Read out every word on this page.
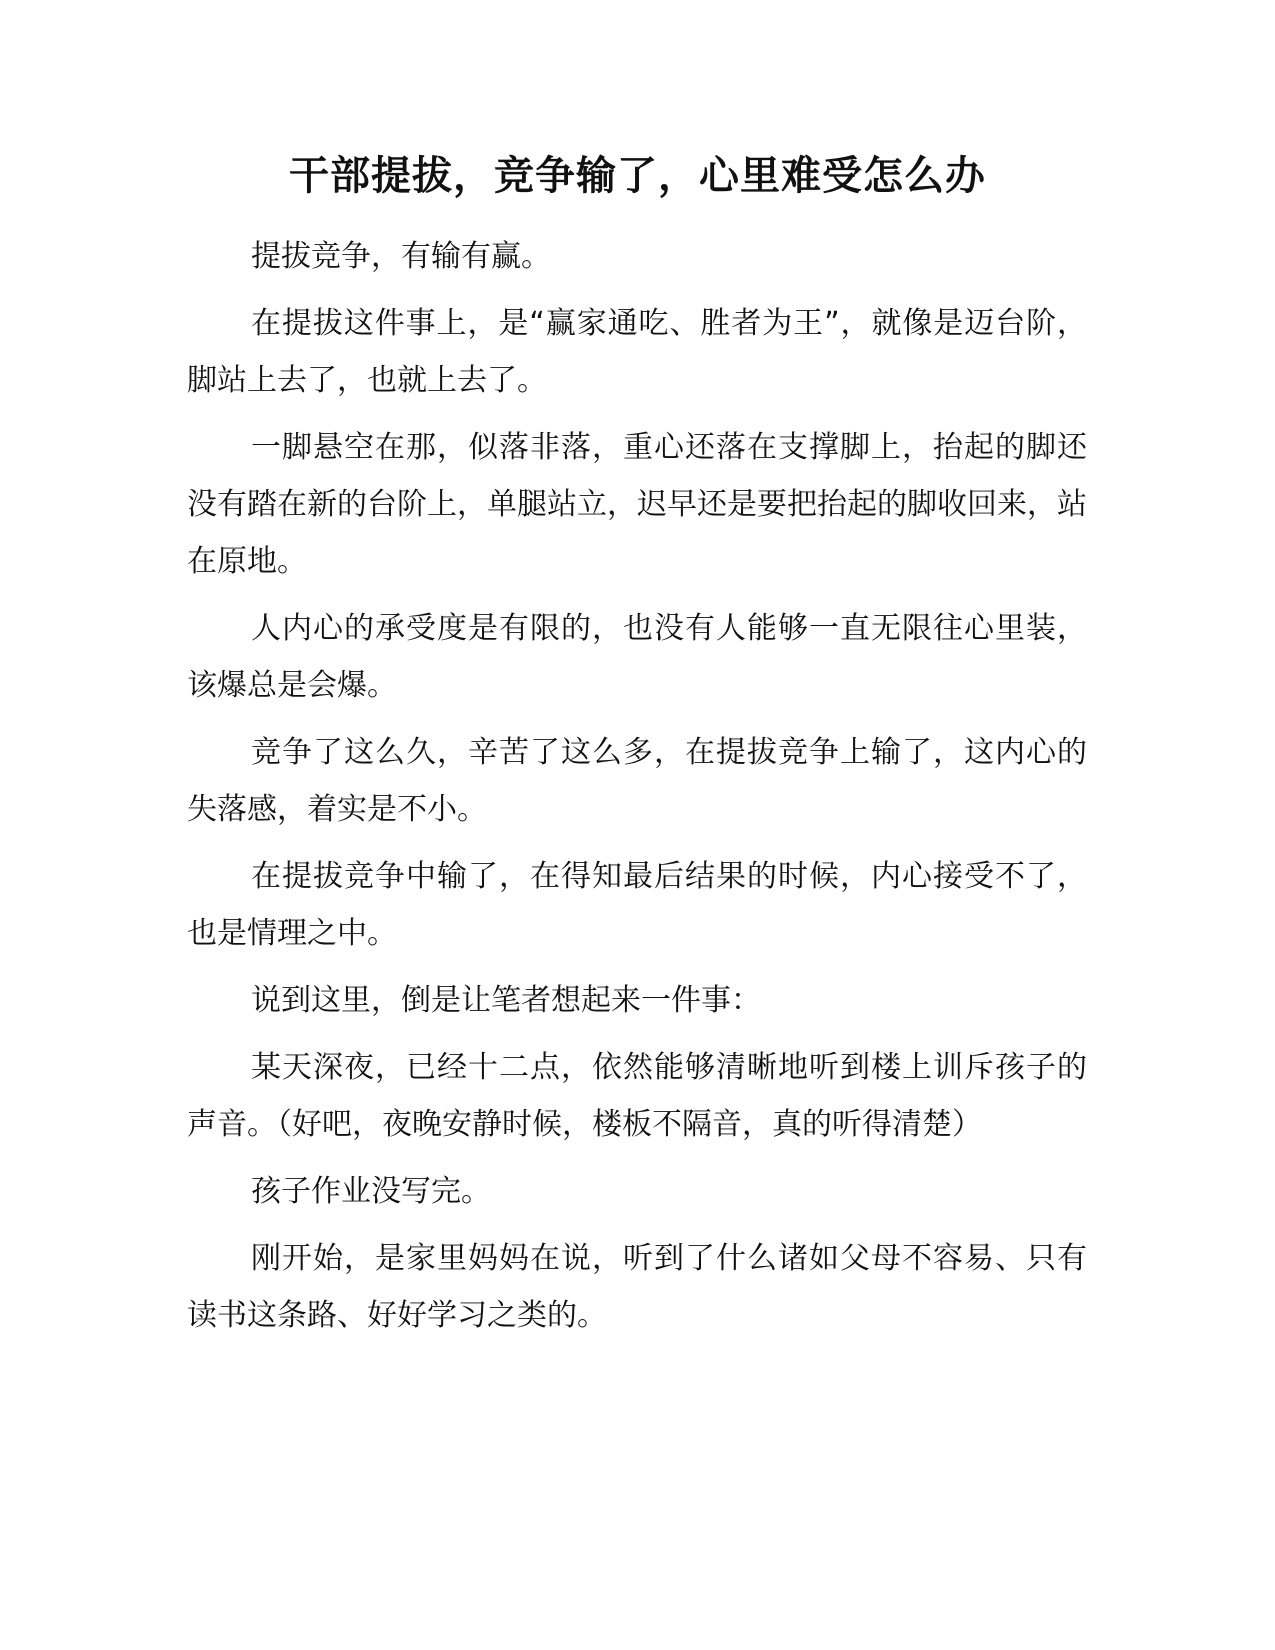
干部提拔，竞争输了，心里难受怎么办

提拔竞争，有输有赢。

在提拔这件事上，是“赢家通吃、胜者为王”，就像是迈台阶，脚站上去了，也就上去了。

一脚悬空在那，似落非落，重心还落在支撑脚上，抬起的脚还没有踏在新的台阶上，单腿站立，迟早还是要把抬起的脚收回来，站在原地。

人内心的承受度是有限的，也没有人能够一直无限往心里装，该爆总是会爆。

竞争了这么久，辛苦了这么多，在提拔竞争上输了，这内心的失落感，着实是不小。

在提拔竞争中输了，在得知最后结果的时候，内心接受不了，也是情理之中。

说到这里，倒是让笔者想起来一件事：

某天深夜，已经十二点，依然能够清晰地听到楼上训斥孩子的声音。（好吧，夜晚安静时候，楼板不隔音，真的听得清楚）

孩子作业没写完。

刚开始，是家里妈妈在说，听到了什么诸如父母不容易、只有读书这条路、好好学习之类的。
